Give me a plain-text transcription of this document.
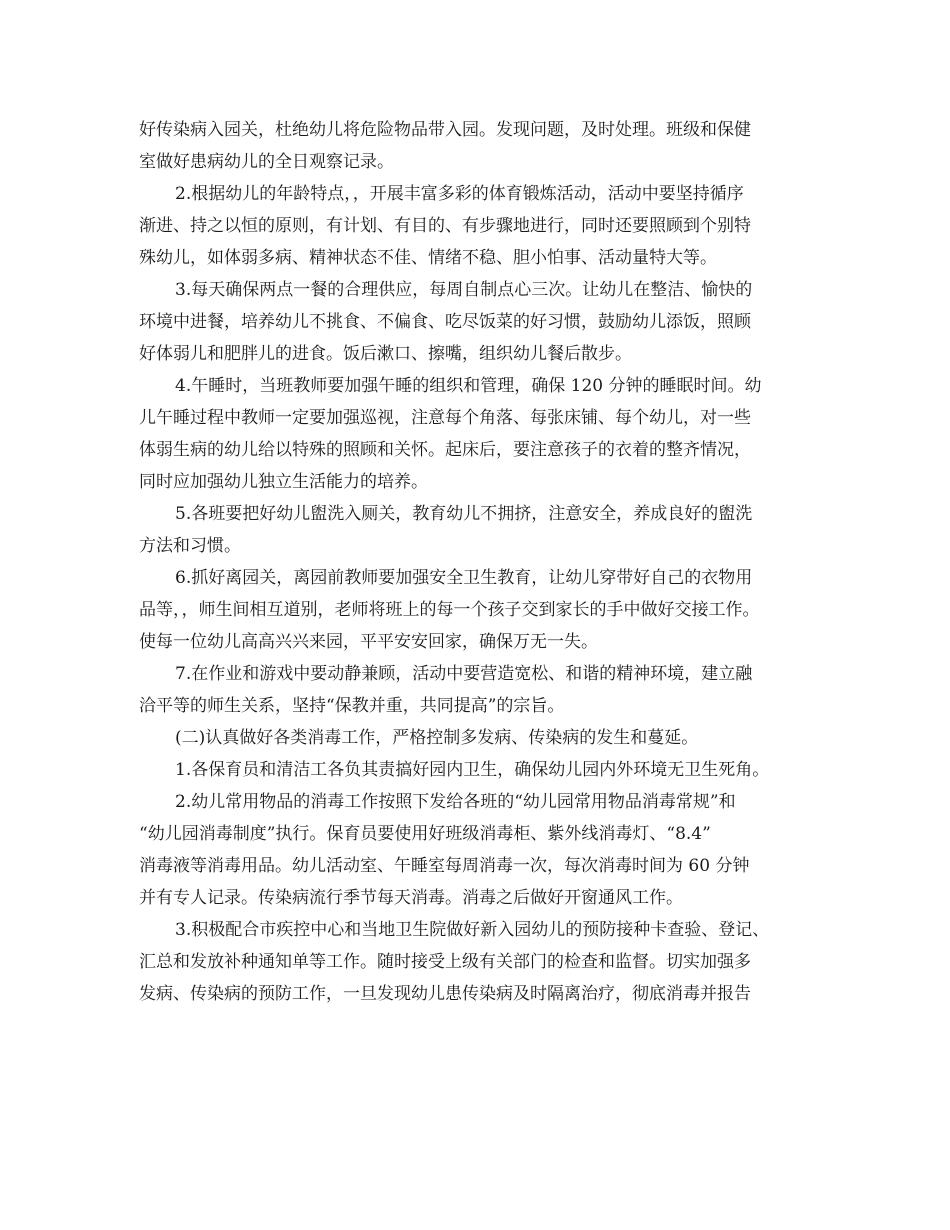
好传染病入园关，杜绝幼儿将危险物品带入园。发现问题，及时处理。班级和保健
室做好患病幼儿的全日观察记录。
2.根据幼儿的年龄特点，，开展丰富多彩的体育锻炼活动，活动中要坚持循序
渐进、持之以恒的原则，有计划、有目的、有步骤地进行，同时还要照顾到个别特
殊幼儿，如体弱多病、精神状态不佳、情绪不稳、胆小怕事、活动量特大等。
3.每天确保两点一餐的合理供应，每周自制点心三次。让幼儿在整洁、愉快的
环境中进餐，培养幼儿不挑食、不偏食、吃尽饭菜的好习惯，鼓励幼儿添饭，照顾
好体弱儿和肥胖儿的进食。饭后漱口、擦嘴，组织幼儿餐后散步。
4.午睡时，当班教师要加强午睡的组织和管理，确保 120 分钟的睡眠时间。幼
儿午睡过程中教师一定要加强巡视，注意每个角落、每张床铺、每个幼儿，对一些
体弱生病的幼儿给以特殊的照顾和关怀。起床后，要注意孩子的衣着的整齐情况，
同时应加强幼儿独立生活能力的培养。
5.各班要把好幼儿盥洗入厕关，教育幼儿不拥挤，注意安全，养成良好的盥洗
方法和习惯。
6.抓好离园关，离园前教师要加强安全卫生教育，让幼儿穿带好自己的衣物用
品等，，师生间相互道别，老师将班上的每一个孩子交到家长的手中做好交接工作。
使每一位幼儿高高兴兴来园，平平安安回家，确保万无一失。
7.在作业和游戏中要动静兼顾，活动中要营造宽松、和谐的精神环境，建立融
洽平等的师生关系，坚持“保教并重，共同提高”的宗旨。
(二)认真做好各类消毒工作，严格控制多发病、传染病的发生和蔓延。
1.各保育员和清洁工各负其责搞好园内卫生，确保幼儿园内外环境无卫生死角。
2.幼儿常用物品的消毒工作按照下发给各班的“幼儿园常用物品消毒常规”和
“幼儿园消毒制度”执行。保育员要使用好班级消毒柜、紫外线消毒灯、“8.4”
消毒液等消毒用品。幼儿活动室、午睡室每周消毒一次，每次消毒时间为 60 分钟
并有专人记录。传染病流行季节每天消毒。消毒之后做好开窗通风工作。
3.积极配合市疾控中心和当地卫生院做好新入园幼儿的预防接种卡查验、登记、
汇总和发放补种通知单等工作。随时接受上级有关部门的检查和监督。切实加强多
发病、传染病的预防工作，一旦发现幼儿患传染病及时隔离治疗，彻底消毒并报告
